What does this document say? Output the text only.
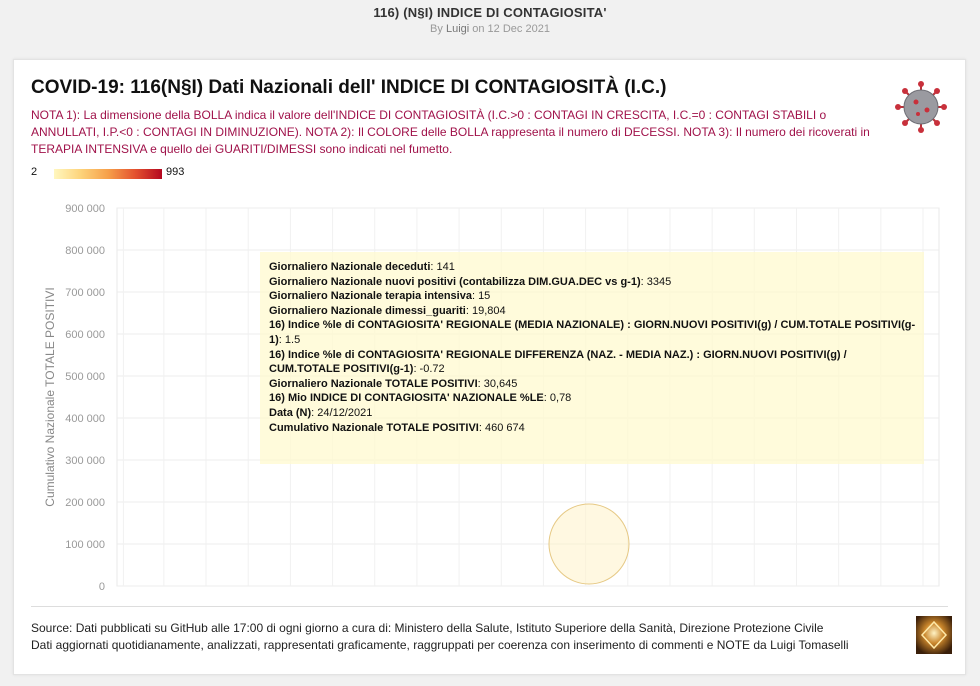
116) (N§I) INDICE DI CONTAGIOSITA'
By Luigi on 12 Dec 2021
COVID-19: 116(N§I) Dati Nazionali dell' INDICE DI CONTAGIOSITÀ (I.C.)
NOTA 1): La dimensione della BOLLA indica il valore dell'INDICE DI CONTAGIOSITÀ (I.C.>0 : CONTAGI IN CRESCITA, I.C.=0 : CONTAGI STABILI o ANNULLATI, I.P.<0 : CONTAGI IN DIMINUZIONE). NOTA 2): Il COLORE delle BOLLA rappresenta il numero di DECESSI. NOTA 3): Il numero dei ricoverati in TERAPIA INTENSIVA e quello dei GUARITI/DIMESSI sono indicati nel fumetto.
2	993
0
100 000
200 000
300 000
400 000
500 000
600 000
700 000
800 000
900 000
Cumulativo Nazionale TOTALE POSITIVI
Giornaliero Nazionale deceduti: 141
Giornaliero Nazionale nuovi positivi (contabilizza DIM.GUA.DEC vs g-1): 3345
Giornaliero Nazionale terapia intensiva: 15
Giornaliero Nazionale dimessi_guariti: 19,804
16) Indice %le di CONTAGIOSITA' REGIONALE (MEDIA NAZIONALE) : GIORN.NUOVI POSITIVI(g) / CUM.TOTALE POSITIVI(g-1): 1.5
16) Indice %le di CONTAGIOSITA' REGIONALE DIFFERENZA (NAZ. - MEDIA NAZ.) : GIORN.NUOVI POSITIVI(g) / CUM.TOTALE POSITIVI(g-1): -0.72
Giornaliero Nazionale TOTALE POSITIVI: 30,645
16) Mio INDICE DI CONTAGIOSITA' NAZIONALE %LE: 0,78
Data (N): 24/12/2021
Cumulativo Nazionale TOTALE POSITIVI: 460 674
Source: Dati pubblicati su GitHub alle 17:00 di ogni giorno a cura di: Ministero della Salute, Istituto Superiore della Sanità, Direzione Protezione Civile
Dati aggiornati quotidianamente, analizzati, rappresentati graficamente, raggruppati per coerenza con inserimento di commenti e NOTE da Luigi Tomaselli
